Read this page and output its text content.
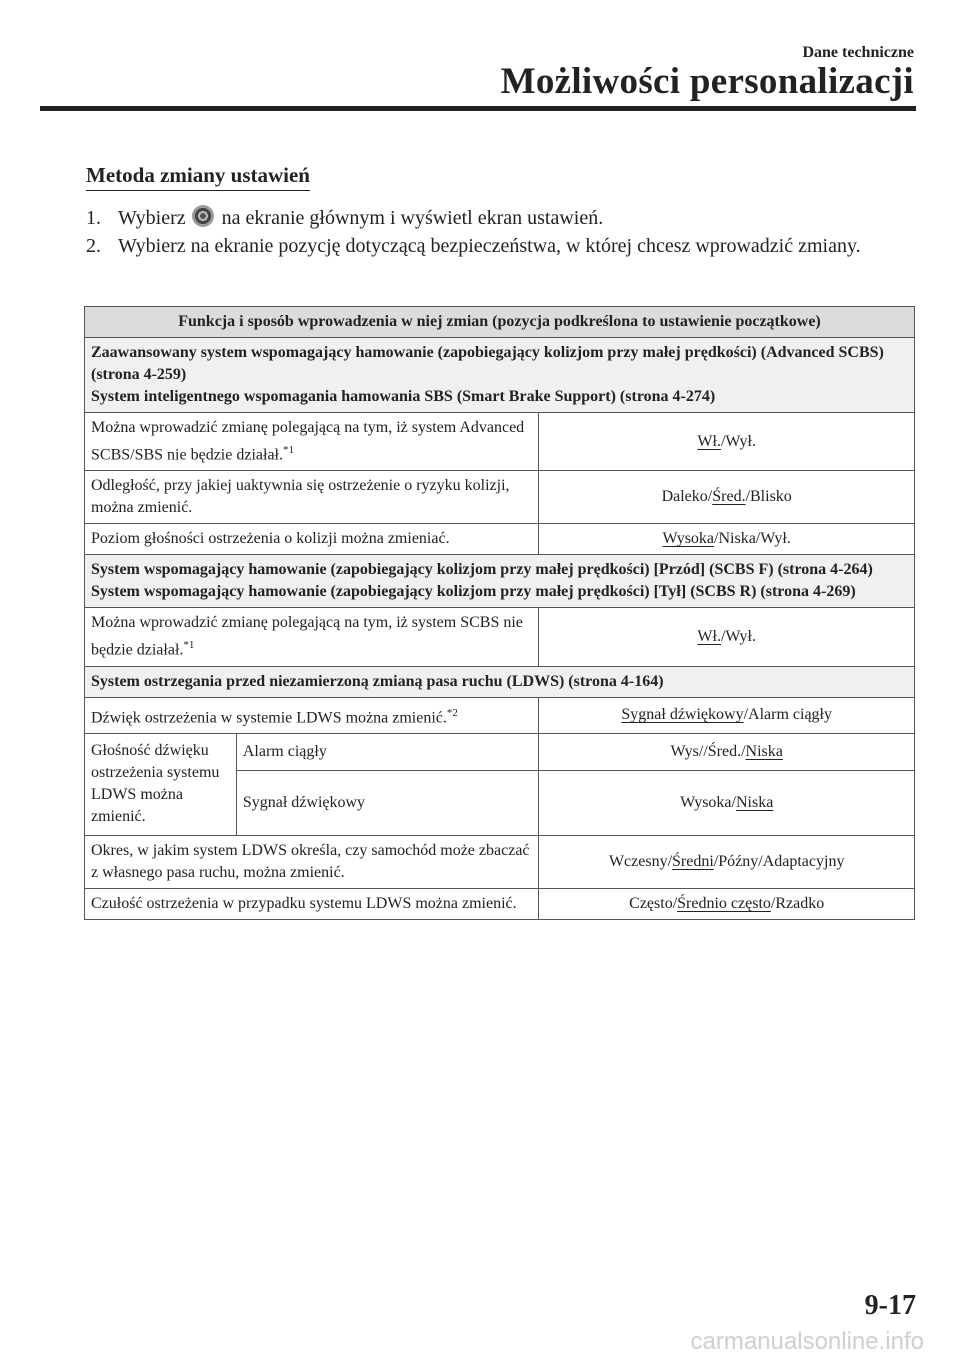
Dane techniczne
Możliwości personalizacji
Metoda zmiany ustawień
1. Wybierz na ekranie głównym i wyświetl ekran ustawień.
2. Wybierz na ekranie pozycję dotyczącą bezpieczeństwa, w której chcesz wprowadzić zmiany.
Funkcja i sposób wprowadzenia w niej zmian (pozycja podkreślona to ustawienie początkowe)		

Zaawansowany system wspomagający hamowanie (zapobiegający kolizjom przy małej prędkości) (Advanced SCBS) (strona 4-259)
System inteligentnego wspomagania hamowania SBS (Smart Brake Support) (strona 4-274)		

Można wprowadzić zmianę polegającą na tym, iż system Advanced SCBS/SBS nie będzie działał.$^{*1}$		Wł./Wył.
Odległość, przy jakiej uaktywnia się ostrzeżenie o ryzyku kolizji, można zmienić.		Daleko/Śred./Blisko
Poziom głośności ostrzeżenia o kolizji można zmieniać.		Wysoka/Niska/Wył.

System wspomagający hamowanie (zapobiegający kolizjom przy małej prędkości) [Przód] (SCBS F) (strona 4-264)
System wspomagający hamowanie (zapobiegający kolizjom przy małej prędkości) [Tył] (SCBS R) (strona 4-269)		

Można wprowadzić zmianę polegającą na tym, iż system SCBS nie będzie działał.$^{*1}$		Wł./Wył.
System ostrzegania przed niezamierzoną zmianą pasa ruchu (LDWS) (strona 4-164)		
Dźwięk ostrzeżenia w systemie LDWS można zmienić.$^{*2}$		Sygnał dźwiękowy/Alarm ciągły
Głośność dźwięku ostrzeżenia systemu LDWS można zmienić.	Alarm ciągły	Wys//Śred./Niska
	Sygnał dźwiękowy	Wysoka/Niska
Okres, w jakim system LDWS określa, czy samochód może zbaczać z własnego pasa ruchu, można zmienić.		Wczesny/Średni/Późny/Adaptacyjny
Czułość ostrzeżenia w przypadku systemu LDWS można zmienić.		Często/Średnio często/Rzadko
9-17
carmanualsonline.info
